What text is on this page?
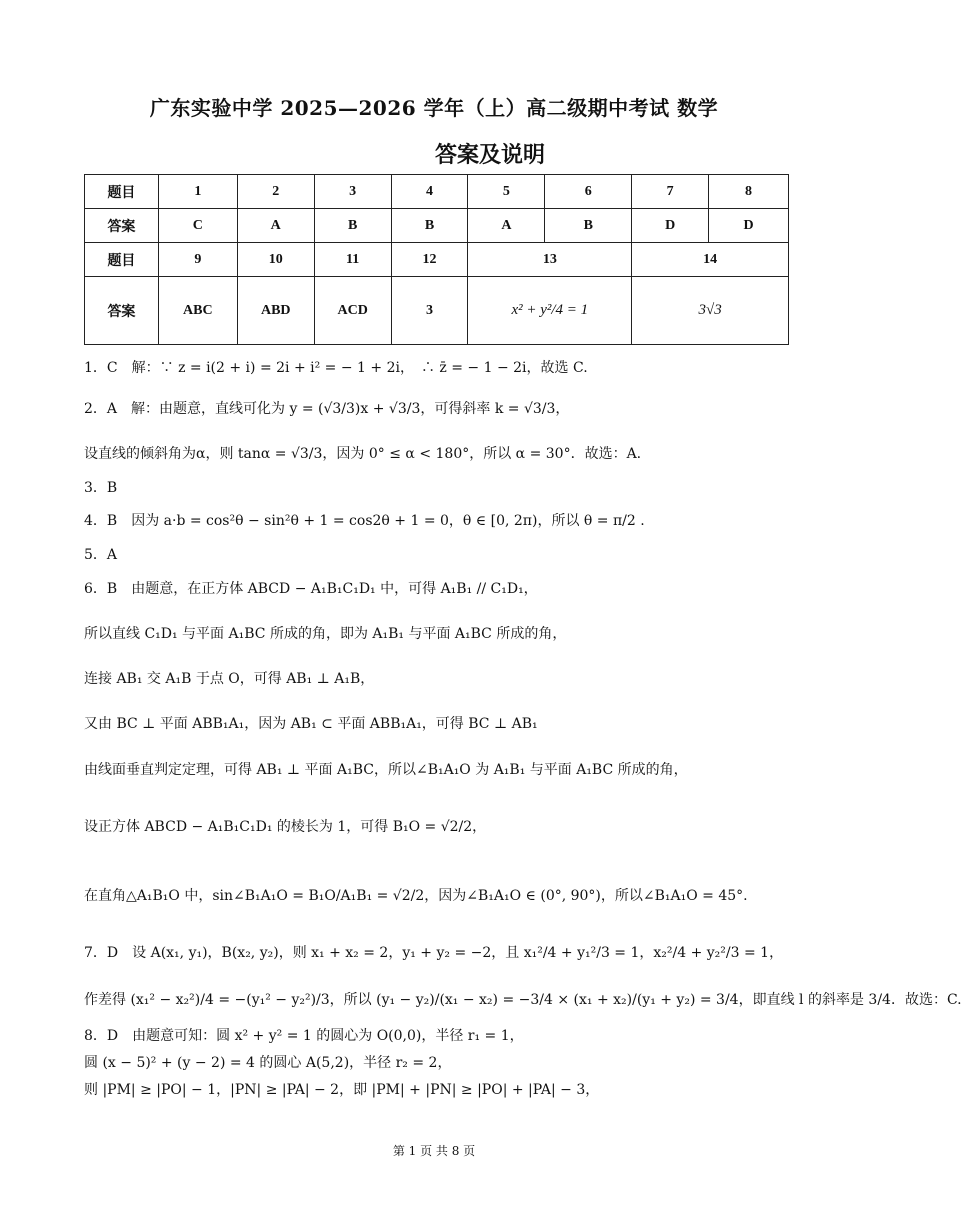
广东实验中学 2025—2026 学年（上）高二级期中考试 数学
答案及说明
题目	1	2	3	4	5	6	7	8
答案	C	A	B	B	A	B	D	D
题目	9	10	11	12	13		14	
答案	ABC	ABD	ACD	3	x² + y²/4 = 1		3√3	
1．C　 解：∵ z = i(2 + i) = 2i + i² = − 1 + 2i，　∴ z̄ = − 1 − 2i，故选 C.
2．A　 解：由题意，直线可化为 y = (√3/3)x + √3/3，可得斜率 k = √3/3，
设直线的倾斜角为α，则 tanα = √3/3，因为 0° ≤ α < 180°，所以 α = 30°．故选：A.
3．B
4．B　 因为 a·b = cos²θ − sin²θ + 1 = cos2θ + 1 = 0，θ ∈ [0, 2π)，所以 θ = π/2 .
5．A
6．B　 由题意，在正方体 ABCD − A₁B₁C₁D₁ 中，可得 A₁B₁ // C₁D₁，
所以直线 C₁D₁ 与平面 A₁BC 所成的角，即为 A₁B₁ 与平面 A₁BC 所成的角，
连接 AB₁ 交 A₁B 于点 O，可得 AB₁ ⊥ A₁B，
又由 BC ⊥ 平面 ABB₁A₁，因为 AB₁ ⊂ 平面 ABB₁A₁，可得 BC ⊥ AB₁
由线面垂直判定定理，可得 AB₁ ⊥ 平面 A₁BC，所以∠B₁A₁O 为 A₁B₁ 与平面 A₁BC 所成的角，
设正方体 ABCD − A₁B₁C₁D₁ 的棱长为 1，可得 B₁O = √2/2，
在直角△A₁B₁O 中，sin∠B₁A₁O = B₁O/A₁B₁ = √2/2，因为∠B₁A₁O ∈ (0°, 90°)，所以∠B₁A₁O = 45°.
7．D　 设 A(x₁, y₁)，B(x₂, y₂)，则 x₁ + x₂ = 2，y₁ + y₂ = −2，且 x₁²/4 + y₁²/3 = 1，x₂²/4 + y₂²/3 = 1，
作差得 (x₁² − x₂²)/4 = −(y₁² − y₂²)/3，所以 (y₁ − y₂)/(x₁ − x₂) = −3/4 × (x₁ + x₂)/(y₁ + y₂) = 3/4，即直线 l 的斜率是 3/4．故选：C.
8．D　 由题意可知：圆 x² + y² = 1 的圆心为 O(0,0)，半径 r₁ = 1，
圆 (x − 5)² + (y − 2) = 4 的圆心 A(5,2)，半径 r₂ = 2，
则 |PM| ≥ |PO| − 1，|PN| ≥ |PA| − 2，即 |PM| + |PN| ≥ |PO| + |PA| − 3，
第 1 页 共 8 页
